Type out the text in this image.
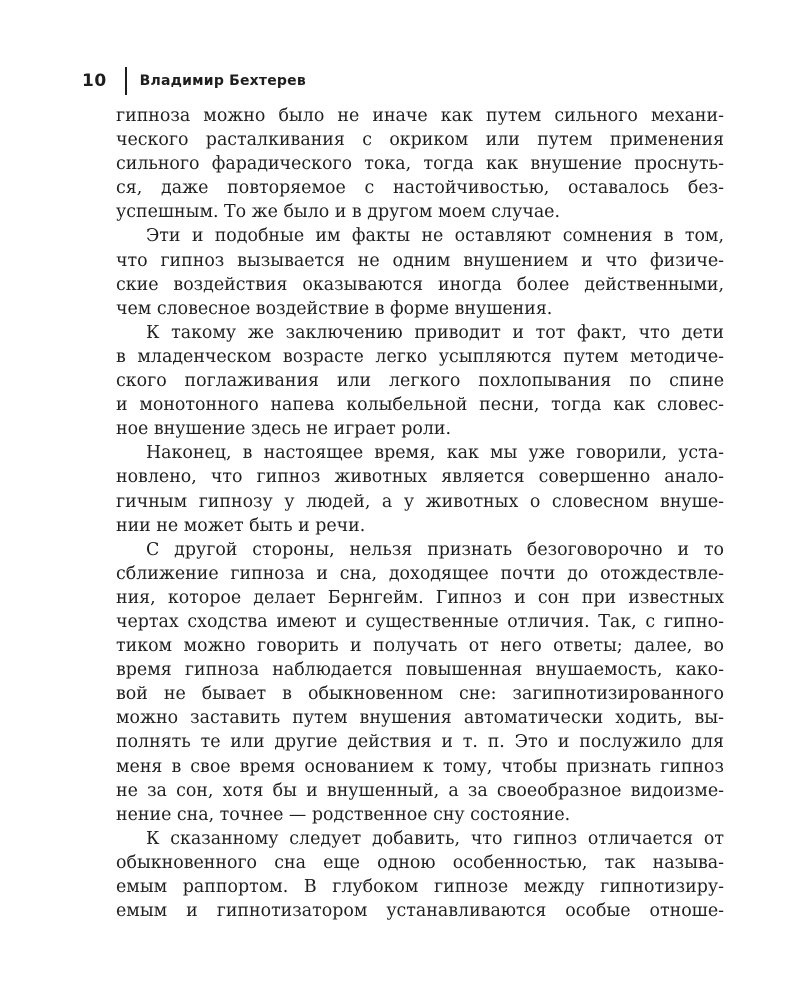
10 Владимир Бехтерев
гипноза можно было не иначе как путем сильного механи-
ческого расталкивания с окриком или путем применения
сильного фарадического тока, тогда как внушение проснуть-
ся, даже повторяемое с настойчивостью, оставалось без-
успешным. То же было и в другом моем случае.
Эти и подобные им факты не оставляют сомнения в том,
что гипноз вызывается не одним внушением и что физиче-
ские воздействия оказываются иногда более действенными,
чем словесное воздействие в форме внушения.
К такому же заключению приводит и тот факт, что дети
в младенческом возрасте легко усыпляются путем методиче-
ского поглаживания или легкого похлопывания по спине
и монотонного напева колыбельной песни, тогда как словес-
ное внушение здесь не играет роли.
Наконец, в настоящее время, как мы уже говорили, уста-
новлено, что гипноз животных является совершенно анало-
гичным гипнозу у людей, а у животных о словесном внуше-
нии не может быть и речи.
С другой стороны, нельзя признать безоговорочно и то
сближение гипноза и сна, доходящее почти до отождествле-
ния, которое делает Бернгейм. Гипноз и сон при известных
чертах сходства имеют и существенные отличия. Так, с гипно-
тиком можно говорить и получать от него ответы; далее, во
время гипноза наблюдается повышенная внушаемость, како-
вой не бывает в обыкновенном сне: загипнотизированного
можно заставить путем внушения автоматически ходить, вы-
полнять те или другие действия и т. п. Это и послужило для
меня в свое время основанием к тому, чтобы признать гипноз
не за сон, хотя бы и внушенный, а за своеобразное видоизме-
нение сна, точнее — родственное сну состояние.
К сказанному следует добавить, что гипноз отличается от
обыкновенного сна еще одною особенностью, так называ-
емым раппортом. В глубоком гипнозе между гипнотизиру-
емым и гипнотизатором устанавливаются особые отноше-
